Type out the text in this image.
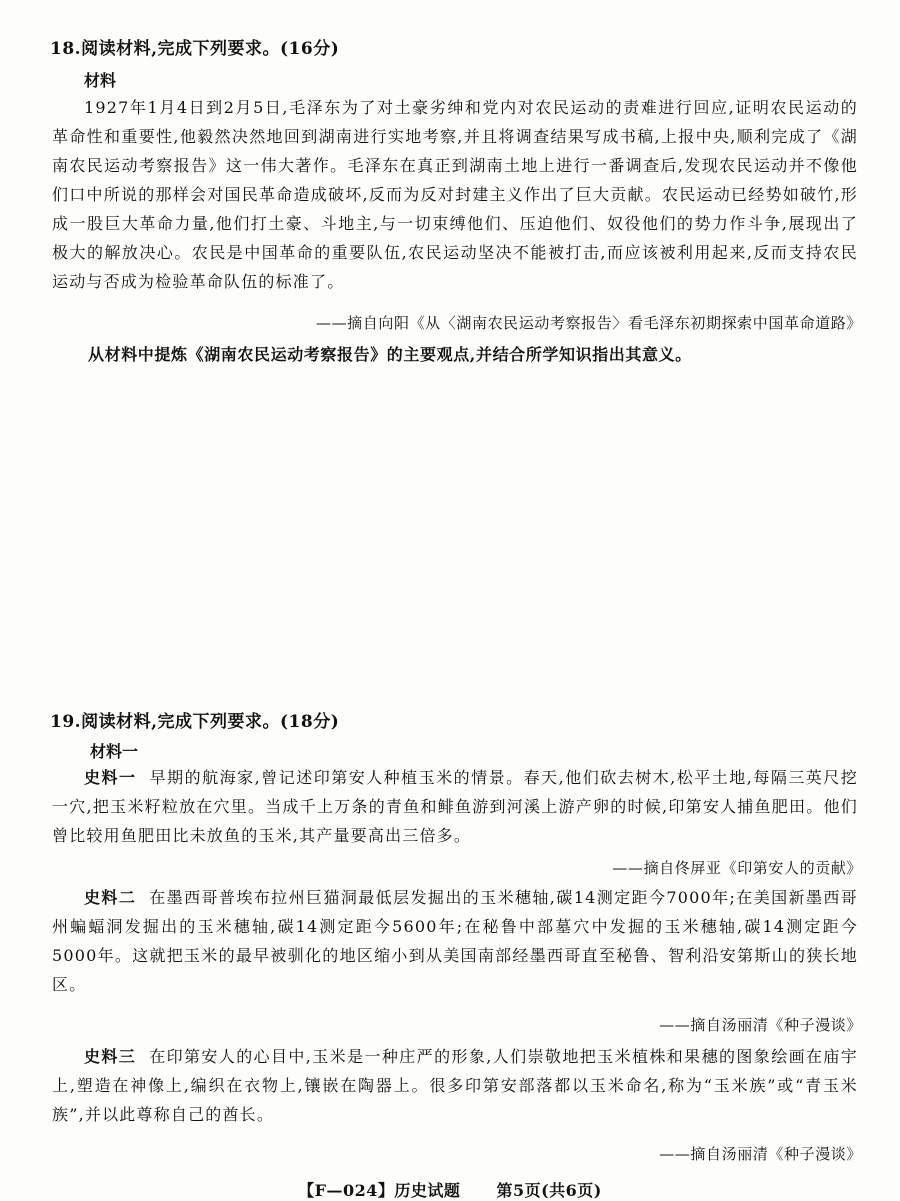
18.阅读材料,完成下列要求。(16分)
材料
1927年1月4日到2月5日,毛泽东为了对土豪劣绅和党内对农民运动的责难进行回应,证明农民运动的革命性和重要性,他毅然决然地回到湖南进行实地考察,并且将调查结果写成书稿,上报中央,顺利完成了《湖南农民运动考察报告》这一伟大著作。毛泽东在真正到湖南土地上进行一番调查后,发现农民运动并不像他们口中所说的那样会对国民革命造成破坏,反而为反对封建主义作出了巨大贡献。农民运动已经势如破竹,形成一股巨大革命力量,他们打土豪、斗地主,与一切束缚他们、压迫他们、奴役他们的势力作斗争,展现出了极大的解放决心。农民是中国革命的重要队伍,农民运动坚决不能被打击,而应该被利用起来,反而支持农民运动与否成为检验革命队伍的标准了。
——摘自向阳《从〈湖南农民运动考察报告〉看毛泽东初期探索中国革命道路》
从材料中提炼《湖南农民运动考察报告》的主要观点,并结合所学知识指出其意义。
19.阅读材料,完成下列要求。(18分)
材料一
史料一 早期的航海家,曾记述印第安人种植玉米的情景。春天,他们砍去树木,松平土地,每隔三英尺挖一穴,把玉米籽粒放在穴里。当成千上万条的青鱼和鲱鱼游到河溪上游产卵的时候,印第安人捕鱼肥田。他们曾比较用鱼肥田比未放鱼的玉米,其产量要高出三倍多。
——摘自佟屏亚《印第安人的贡献》
史料二 在墨西哥普埃布拉州巨猫洞最低层发掘出的玉米穗轴,碳14测定距今7000年;在美国新墨西哥州蝙蝠洞发掘出的玉米穗轴,碳14测定距今5600年;在秘鲁中部墓穴中发掘的玉米穗轴,碳14测定距今5000年。这就把玉米的最早被驯化的地区缩小到从美国南部经墨西哥直至秘鲁、智利沿安第斯山的狭长地区。
——摘自汤丽清《种子漫谈》
史料三 在印第安人的心目中,玉米是一种庄严的形象,人们崇敬地把玉米植株和果穗的图象绘画在庙宇上,塑造在神像上,编织在衣物上,镶嵌在陶器上。很多印第安部落都以玉米命名,称为“玉米族”或“青玉米族”,并以此尊称自己的酋长。
——摘自汤丽清《种子漫谈》
【F—024】历史试题 第5页(共6页)
